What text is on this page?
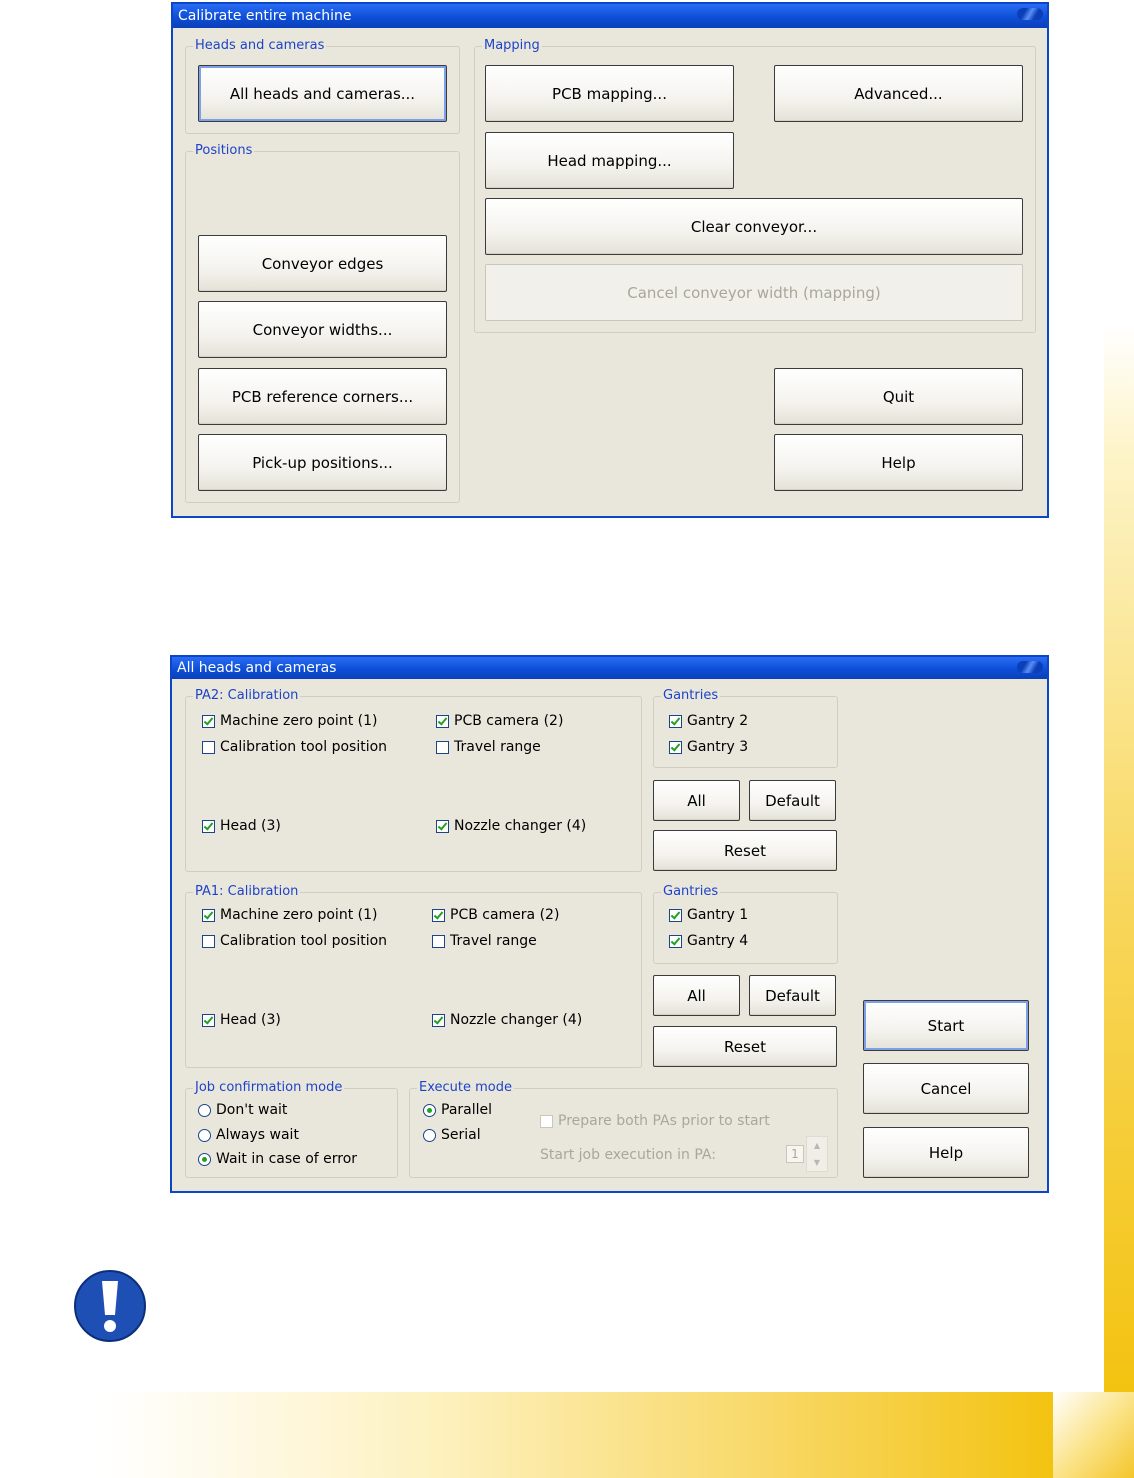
Calibrate entire machine
Heads and cameras
All heads and cameras...
Positions
Conveyor edges
Conveyor widths...
PCB reference corners...
Pick-up positions...
Mapping
PCB mapping...	Advanced...
Head mapping...
Clear conveyor...
Cancel conveyor width (mapping)
Quit
Help
All heads and cameras
PA2: Calibration
Machine zero point (1)	PCB camera (2)
Calibration tool position	Travel range
Head (3)	Nozzle changer (4)
Gantries
Gantry 2
Gantry 3
All	Default
Reset
PA1: Calibration
Machine zero point (1)	PCB camera (2)
Calibration tool position	Travel range
Head (3)	Nozzle changer (4)
Gantries
Gantry 1
Gantry 4
All	Default
Reset
Job confirmation mode
Don't wait
Always wait
Wait in case of error
Execute mode
Parallel
Serial
Prepare both PAs prior to start
Start job execution in PA:
Start
Cancel
Help
1
▲
▼
